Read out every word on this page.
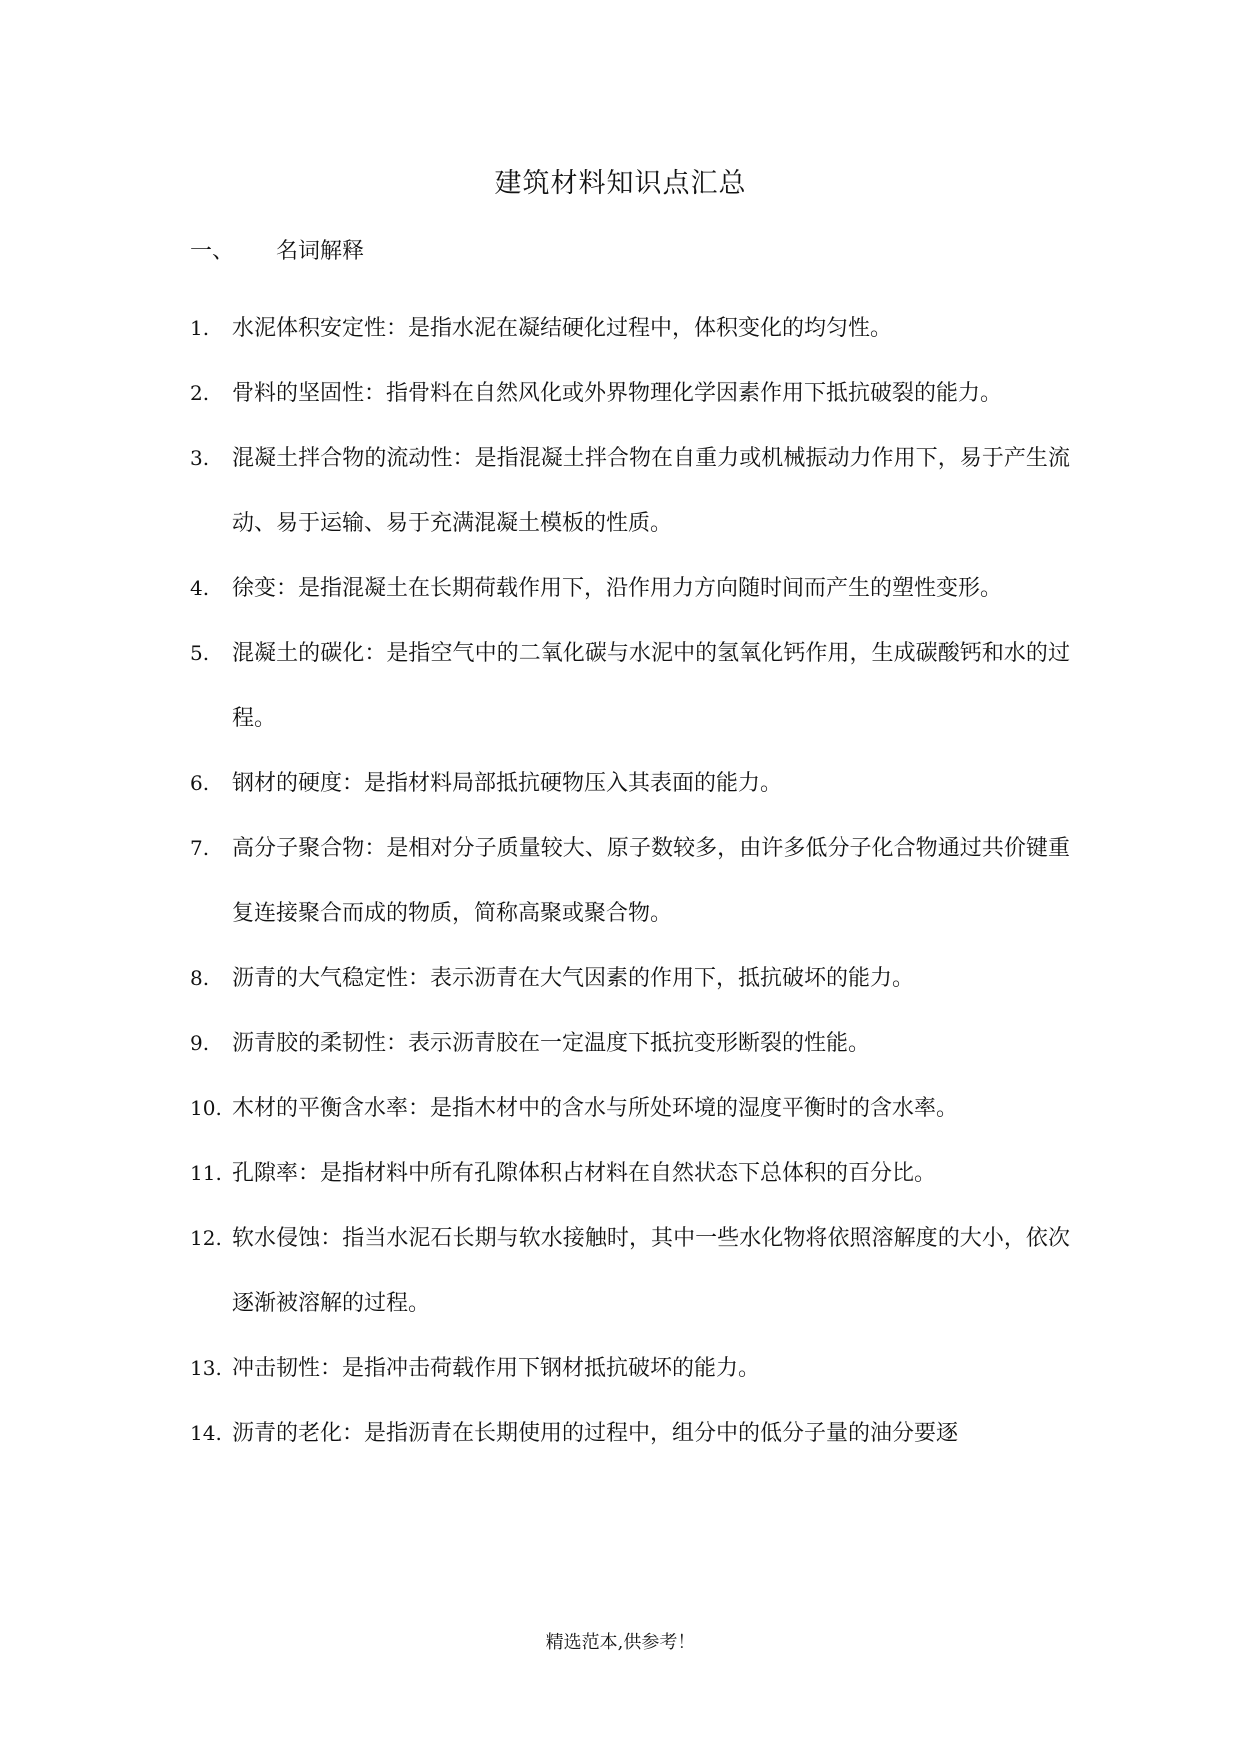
建筑材料知识点汇总
一、 名词解释
1. 水泥体积安定性：是指水泥在凝结硬化过程中，体积变化的均匀性。
2. 骨料的坚固性：指骨料在自然风化或外界物理化学因素作用下抵抗破裂的能力。
3. 混凝土拌合物的流动性：是指混凝土拌合物在自重力或机械振动力作用下，易于产生流动、易于运输、易于充满混凝土模板的性质。
4. 徐变：是指混凝土在长期荷载作用下，沿作用力方向随时间而产生的塑性变形。
5. 混凝土的碳化：是指空气中的二氧化碳与水泥中的氢氧化钙作用，生成碳酸钙和水的过程。
6. 钢材的硬度：是指材料局部抵抗硬物压入其表面的能力。
7. 高分子聚合物：是相对分子质量较大、原子数较多，由许多低分子化合物通过共价键重复连接聚合而成的物质，简称高聚或聚合物。
8. 沥青的大气稳定性：表示沥青在大气因素的作用下，抵抗破坏的能力。
9. 沥青胶的柔韧性：表示沥青胶在一定温度下抵抗变形断裂的性能。
10. 木材的平衡含水率：是指木材中的含水与所处环境的湿度平衡时的含水率。
11. 孔隙率：是指材料中所有孔隙体积占材料在自然状态下总体积的百分比。
12. 软水侵蚀：指当水泥石长期与软水接触时，其中一些水化物将依照溶解度的大小，依次逐渐被溶解的过程。
13. 冲击韧性：是指冲击荷载作用下钢材抵抗破坏的能力。
14. 沥青的老化：是指沥青在长期使用的过程中，组分中的低分子量的油分要逐
精选范本,供参考！
